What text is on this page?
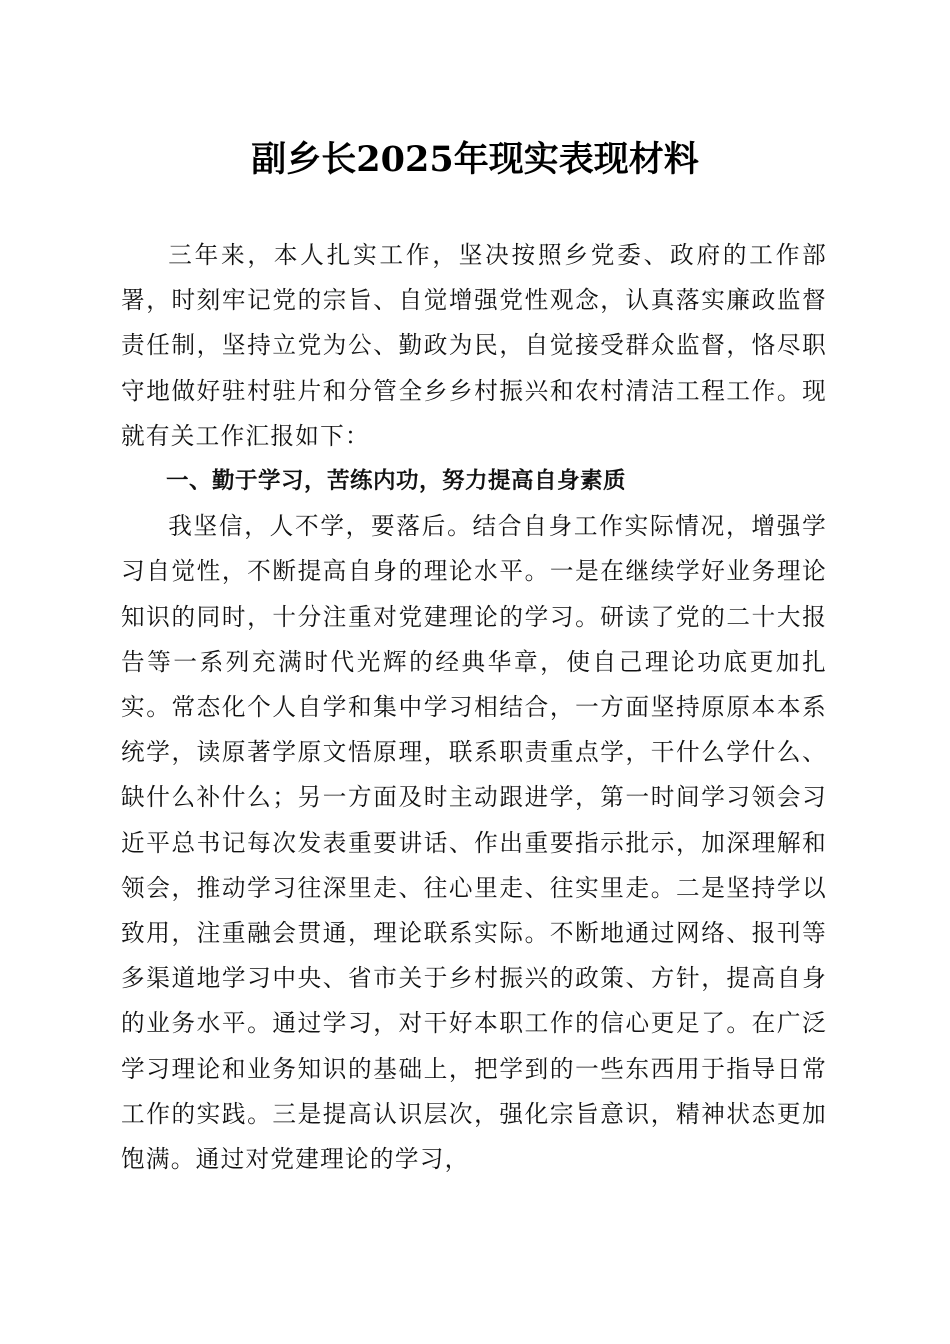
副乡长2025年现实表现材料

三年来，本人扎实工作，坚决按照乡党委、政府的工作部署，时刻牢记党的宗旨、自觉增强党性观念，认真落实廉政监督责任制，坚持立党为公、勤政为民，自觉接受群众监督，恪尽职守地做好驻村驻片和分管全乡乡村振兴和农村清洁工程工作。现就有关工作汇报如下：

一、勤于学习，苦练内功，努力提高自身素质

我坚信，人不学，要落后。结合自身工作实际情况，增强学习自觉性，不断提高自身的理论水平。一是在继续学好业务理论知识的同时，十分注重对党建理论的学习。研读了党的二十大报告等一系列充满时代光辉的经典华章，使自己理论功底更加扎实。常态化个人自学和集中学习相结合，一方面坚持原原本本系统学，读原著学原文悟原理，联系职责重点学，干什么学什么、缺什么补什么；另一方面及时主动跟进学，第一时间学习领会习近平总书记每次发表重要讲话、作出重要指示批示，加深理解和领会，推动学习往深里走、往心里走、往实里走。二是坚持学以致用，注重融会贯通，理论联系实际。不断地通过网络、报刊等多渠道地学习中央、省市关于乡村振兴的政策、方针，提高自身的业务水平。通过学习，对干好本职工作的信心更足了。在广泛学习理论和业务知识的基础上，把学到的一些东西用于指导日常工作的实践。三是提高认识层次，强化宗旨意识，精神状态更加饱满。通过对党建理论的学习，
